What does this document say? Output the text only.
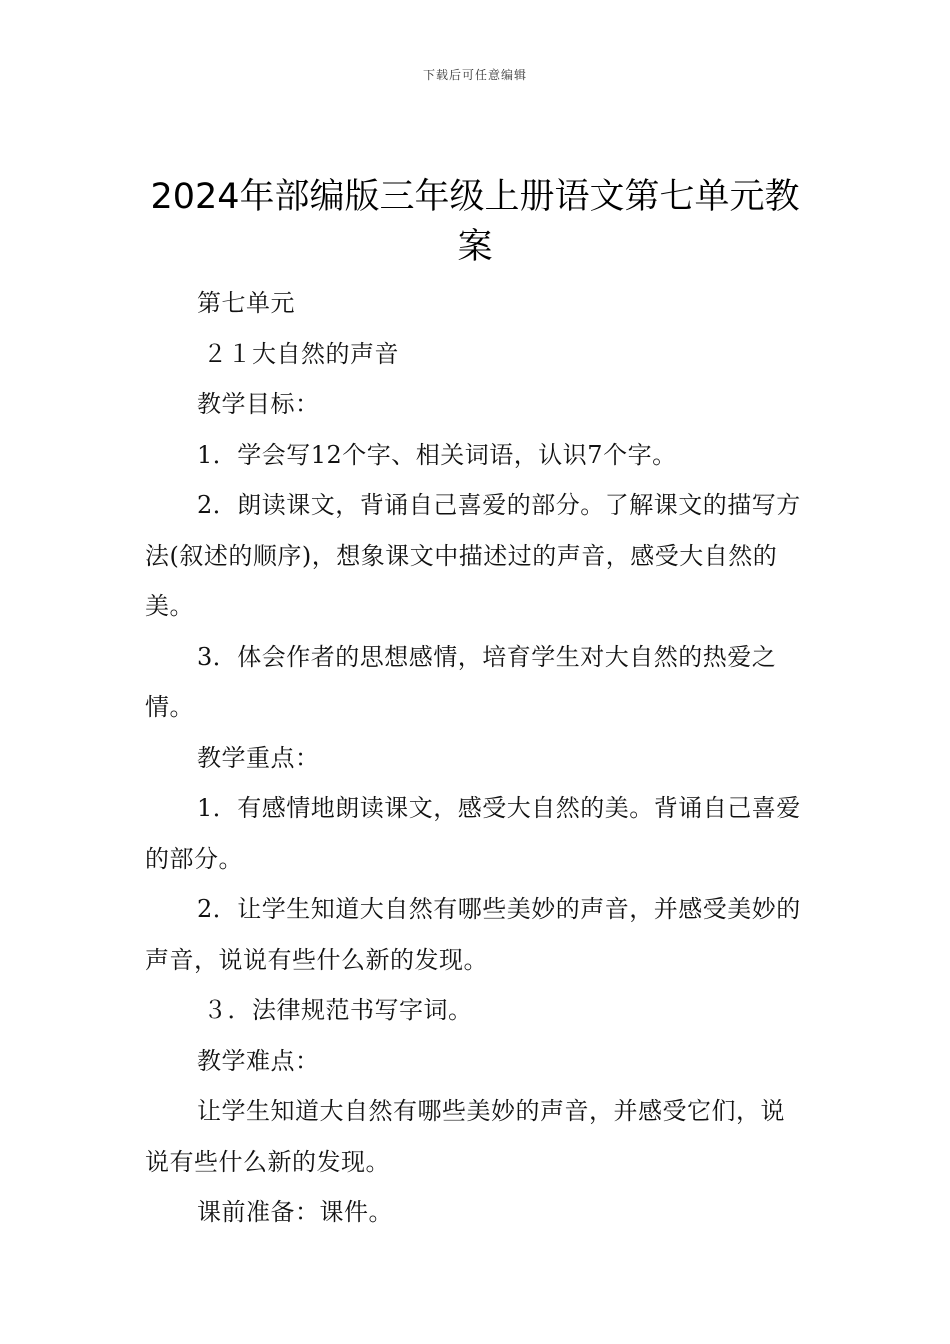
下载后可任意编辑
2024年部编版三年级上册语文第七单元教案

第七单元

２１大自然的声音

教学目标：

1．学会写12个字、相关词语，认识7个字。

2．朗读课文，背诵自己喜爱的部分。了解课文的描写方法(叙述的顺序)，想象课文中描述过的声音，感受大自然的美。

3．体会作者的思想感情，培育学生对大自然的热爱之情。

教学重点：

1．有感情地朗读课文，感受大自然的美。背诵自己喜爱的部分。

2．让学生知道大自然有哪些美妙的声音，并感受美妙的声音，说说有些什么新的发现。

３．法律规范书写字词。

教学难点：

让学生知道大自然有哪些美妙的声音，并感受它们，说说有些什么新的发现。

课前准备：课件。
